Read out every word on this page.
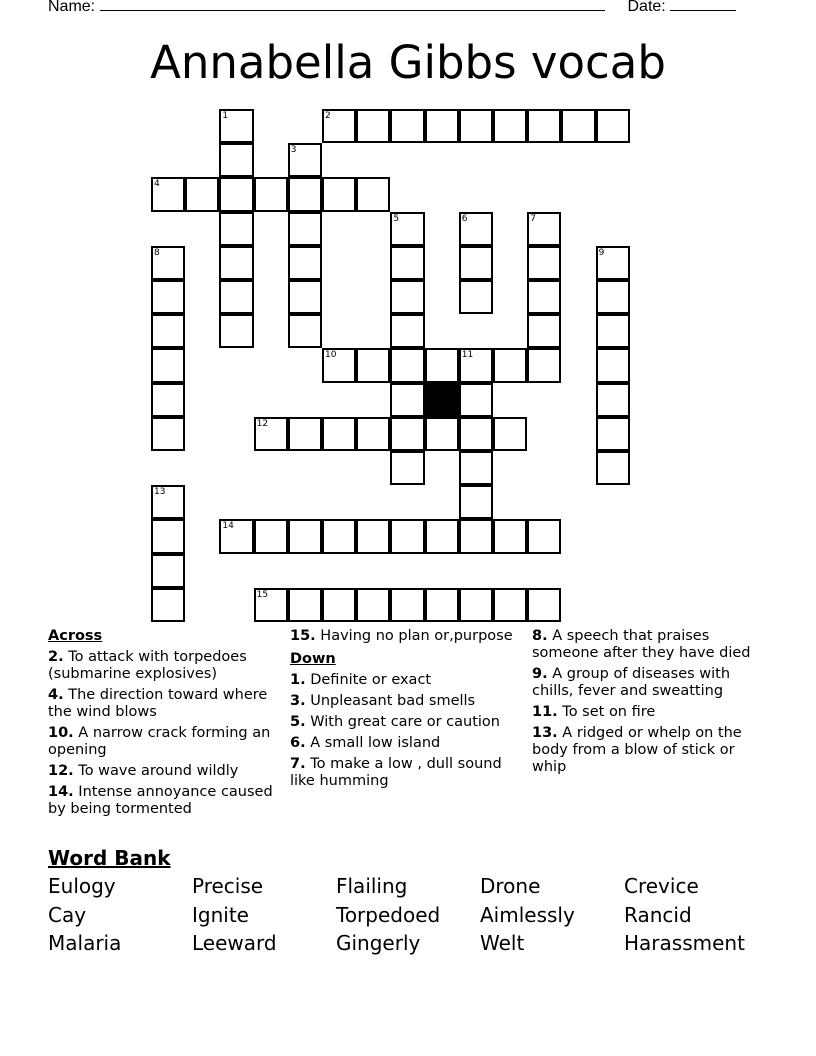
Name:	Date:
Annabella Gibbs vocab
1	2
3
4
5	6	7
8	9
10	11
12
13
14
15
Across
2. To attack with torpedoes (submarine explosives)
4. The direction toward where the wind blows
10. A narrow crack forming an opening
12. To wave around wildly
14. Intense annoyance caused by being tormented
15. Having no plan or,purpose
Down
1. Definite or exact
3. Unpleasant bad smells
5. With great care or caution
6. A small low island
7. To make a low , dull sound like humming
8. A speech that praises someone after they have died
9. A group of diseases with chills, fever and sweatting
11. To set on fire
13. A ridged or whelp on the body from a blow of stick or whip
Word Bank
Eulogy	Precise	Flailing	Drone	Crevice
Cay	Ignite	Torpedoed	Aimlessly	Rancid
Malaria	Leeward	Gingerly	Welt	Harassment
